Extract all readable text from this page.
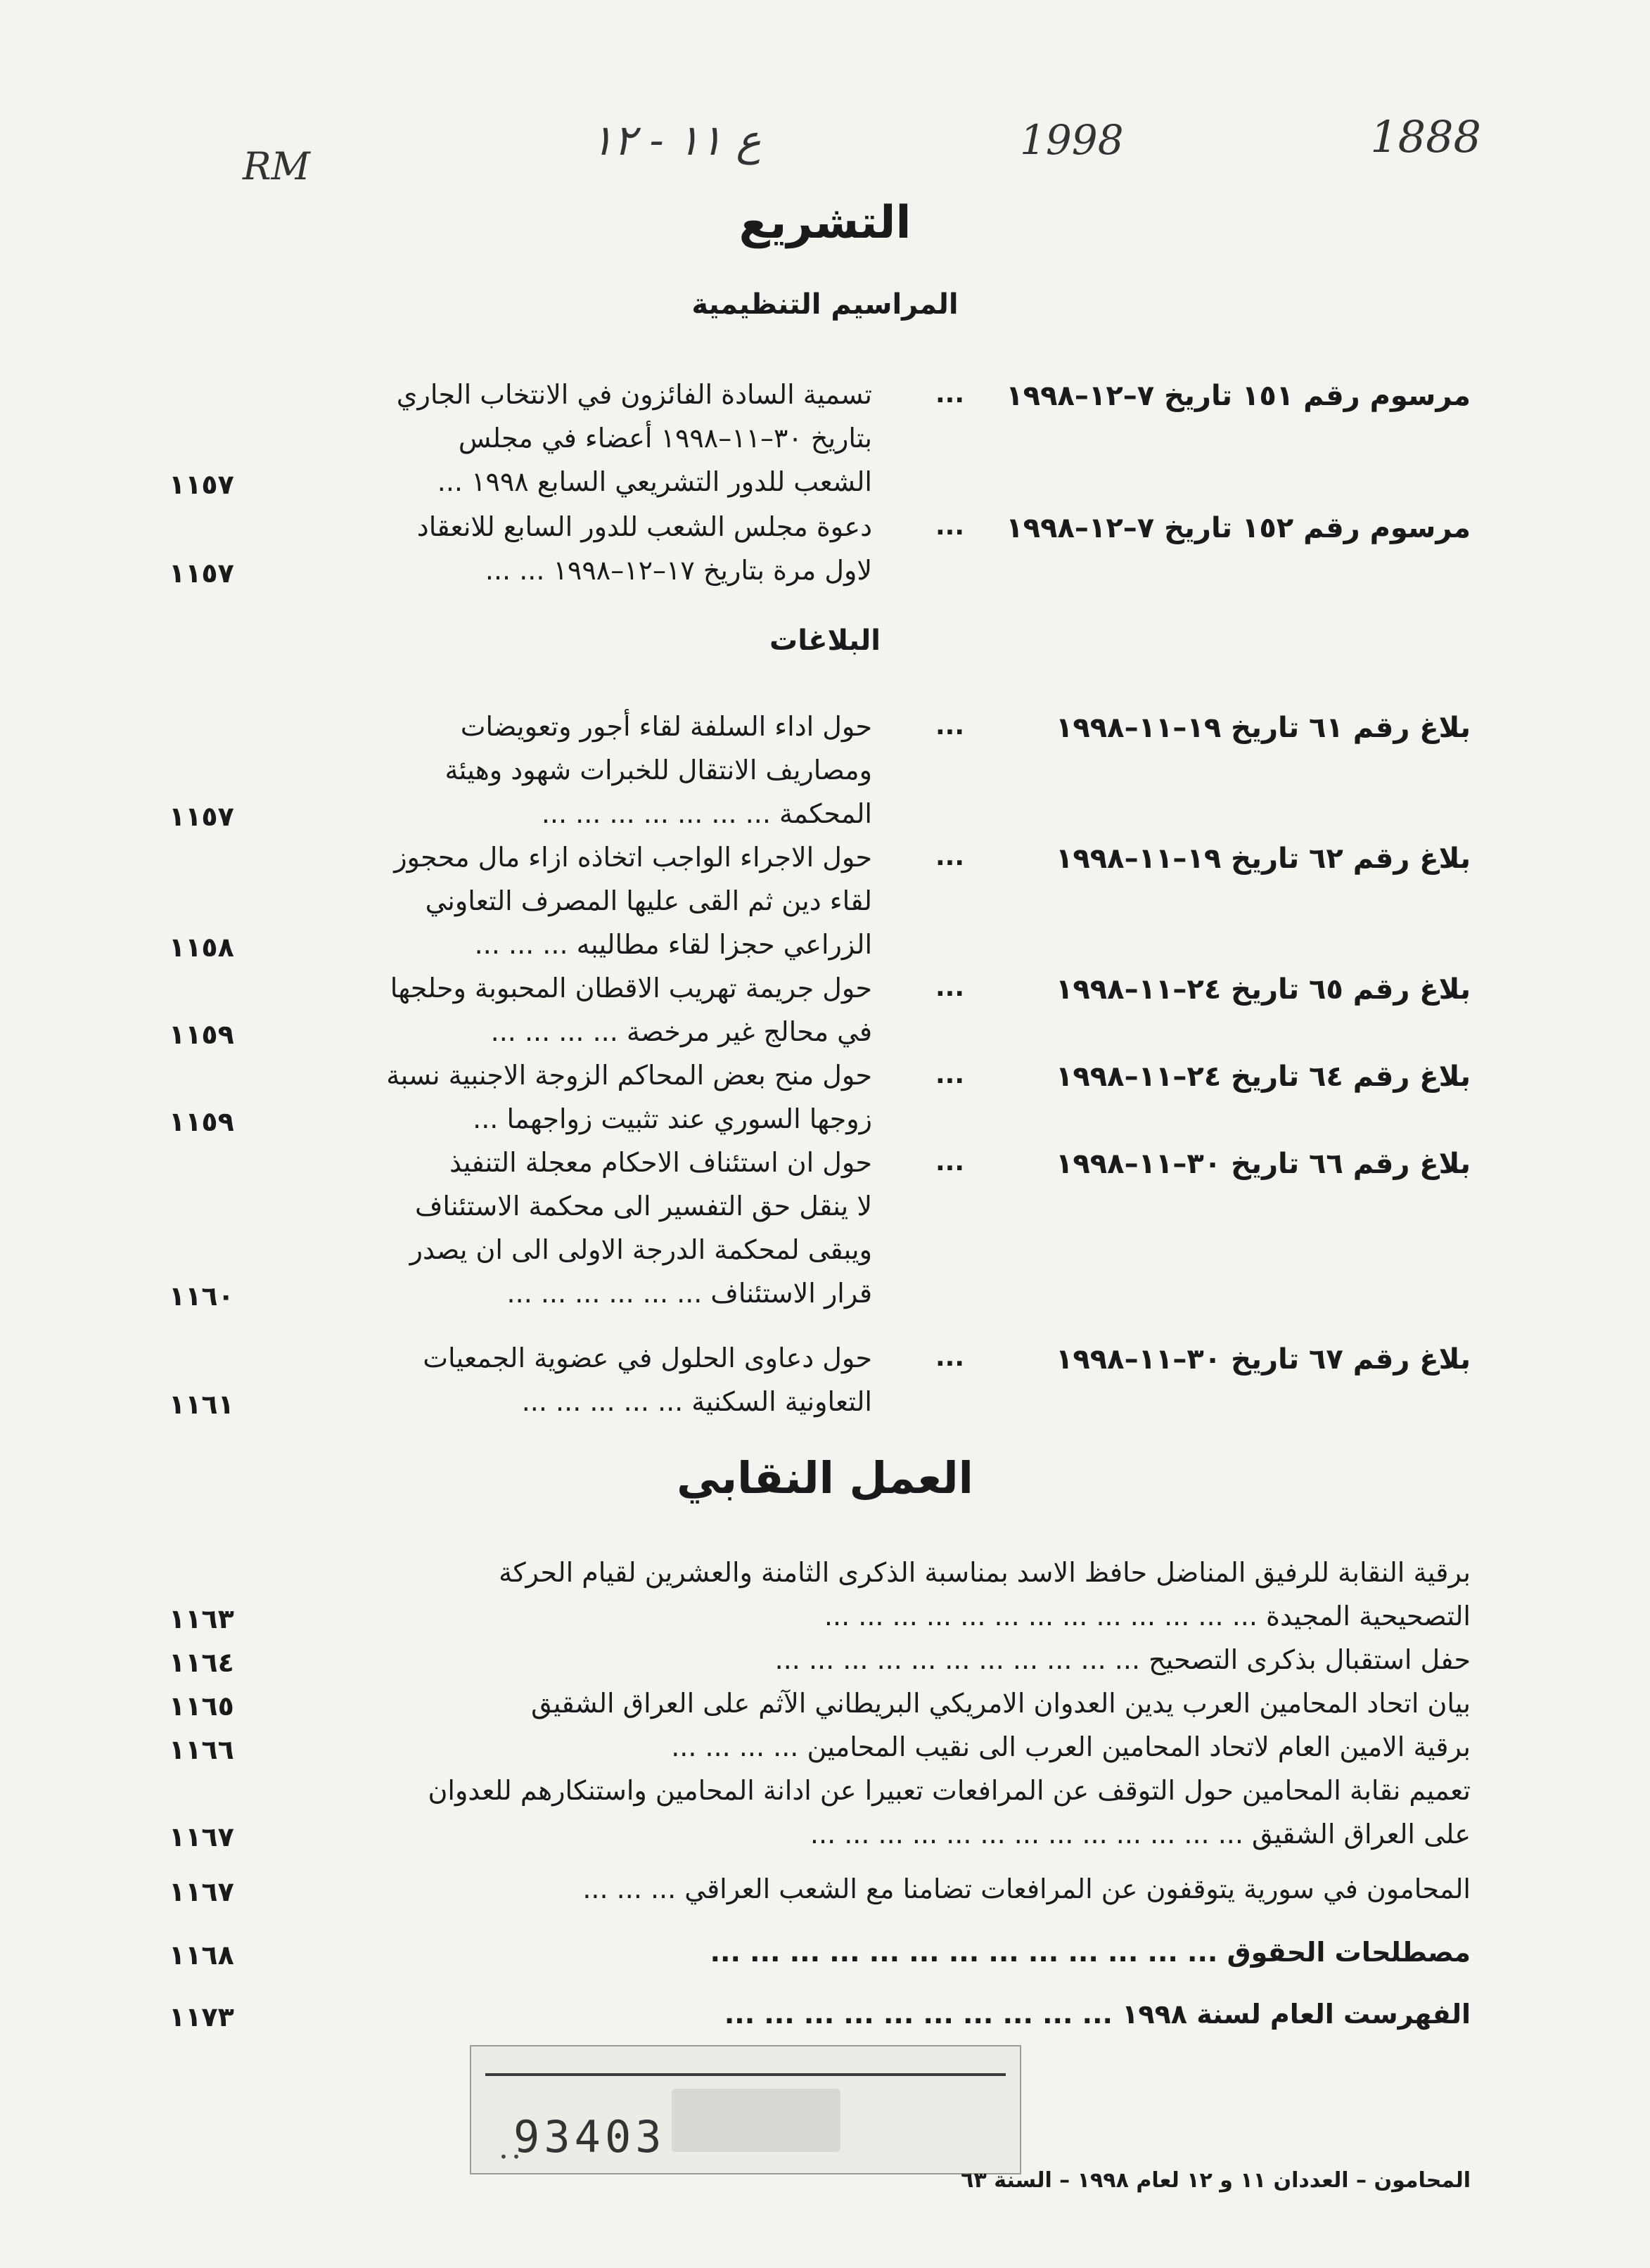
1888
1998
ع ١١ - ١٢
RM
التشريع
المراسيم التنظيمية
مرسوم رقم ١٥١ تاريخ ٧–١٢–١٩٩٨
...
تسمية السادة الفائزون في الانتخاب الجاري
بتاريخ ٣٠–١١–١٩٩٨ أعضاء في مجلس
الشعب للدور التشريعي السابع ١٩٩٨ ...
١١٥٧
مرسوم رقم ١٥٢ تاريخ ٧–١٢–١٩٩٨
...
دعوة مجلس الشعب للدور السابع للانعقاد
لاول مرة بتاريخ ١٧–١٢–١٩٩٨ ... ...
١١٥٧
البلاغات
بلاغ رقم ٦١ تاريخ ١٩–١١–١٩٩٨
...
حول اداء السلفة لقاء أجور وتعويضات
ومصاريف الانتقال للخبرات شهود وهيئة
المحكمة ... ... ... ... ... ... ...
١١٥٧
بلاغ رقم ٦٢ تاريخ ١٩–١١–١٩٩٨
...
حول الاجراء الواجب اتخاذه ازاء مال محجوز
لقاء دين ثم القى عليها المصرف التعاوني
الزراعي حجزا لقاء مطاليبه ... ... ...
١١٥٨
بلاغ رقم ٦٥ تاريخ ٢٤–١١–١٩٩٨
...
حول جريمة تهريب الاقطان المحبوبة وحلجها
في محالج غير مرخصة ... ... ... ...
١١٥٩
بلاغ رقم ٦٤ تاريخ ٢٤–١١–١٩٩٨
...
حول منح بعض المحاكم الزوجة الاجنبية نسبة
زوجها السوري عند تثبيت زواجهما ...
١١٥٩
بلاغ رقم ٦٦ تاريخ ٣٠–١١–١٩٩٨
...
حول ان استئناف الاحكام معجلة التنفيذ
لا ينقل حق التفسير الى محكمة الاستئناف
ويبقى لمحكمة الدرجة الاولى الى ان يصدر
قرار الاستئناف ... ... ... ... ... ...
١١٦٠
بلاغ رقم ٦٧ تاريخ ٣٠–١١–١٩٩٨
...
حول دعاوى الحلول في عضوية الجمعيات
التعاونية السكنية ... ... ... ... ...
١١٦١
العمل النقابي
برقية النقابة للرفيق المناضل حافظ الاسد بمناسبة الذكرى الثامنة والعشرين لقيام الحركة
التصحيحية المجيدة ... ... ... ... ... ... ... ... ... ... ... ... ...
١١٦٣
حفل استقبال بذكرى التصحيح ... ... ... ... ... ... ... ... ... ... ...
١١٦٤
بيان اتحاد المحامين العرب يدين العدوان الامريكي البريطاني الآثم على العراق الشقيق
١١٦٥
برقية الامين العام لاتحاد المحامين العرب الى نقيب المحامين ... ... ... ...
١١٦٦
تعميم نقابة المحامين حول التوقف عن المرافعات تعبيرا عن ادانة المحامين واستنكارهم للعدوان
على العراق الشقيق ... ... ... ... ... ... ... ... ... ... ... ... ...
١١٦٧
المحامون في سورية يتوقفون عن المرافعات تضامنا مع الشعب العراقي ... ... ...
١١٦٧
مصطلحات الحقوق ... ... ... ... ... ... ... ... ... ... ... ... ...
١١٦٨
الفهرست العام لسنة ١٩٩٨ ... ... ... ... ... ... ... ... ... ...
١١٧٣
93403
• •
المحامون – العددان ١١ و ١٢ لعام ١٩٩٨ – السنة ٦٣
